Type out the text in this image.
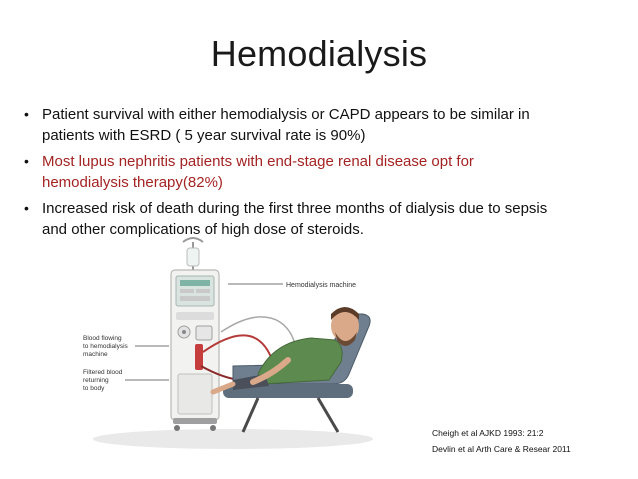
Hemodialysis
• Patient survival with either hemodialysis or CAPD appears to be similar in
patients with ESRD ( 5 year survival rate is 90%)
• Most lupus nephritis patients with end-stage renal disease opt for
hemodialysis therapy(82%)
• Increased risk of death during the first three months of dialysis due to sepsis
and other complications of high dose of steroids.
Hemodialysis machine
Blood flowing
to hemodialysis
machine
Filtered blood
returning
to body
Cheigh et al AJKD 1993: 21:2
Devlin et al Arth Care & Resear 2011
